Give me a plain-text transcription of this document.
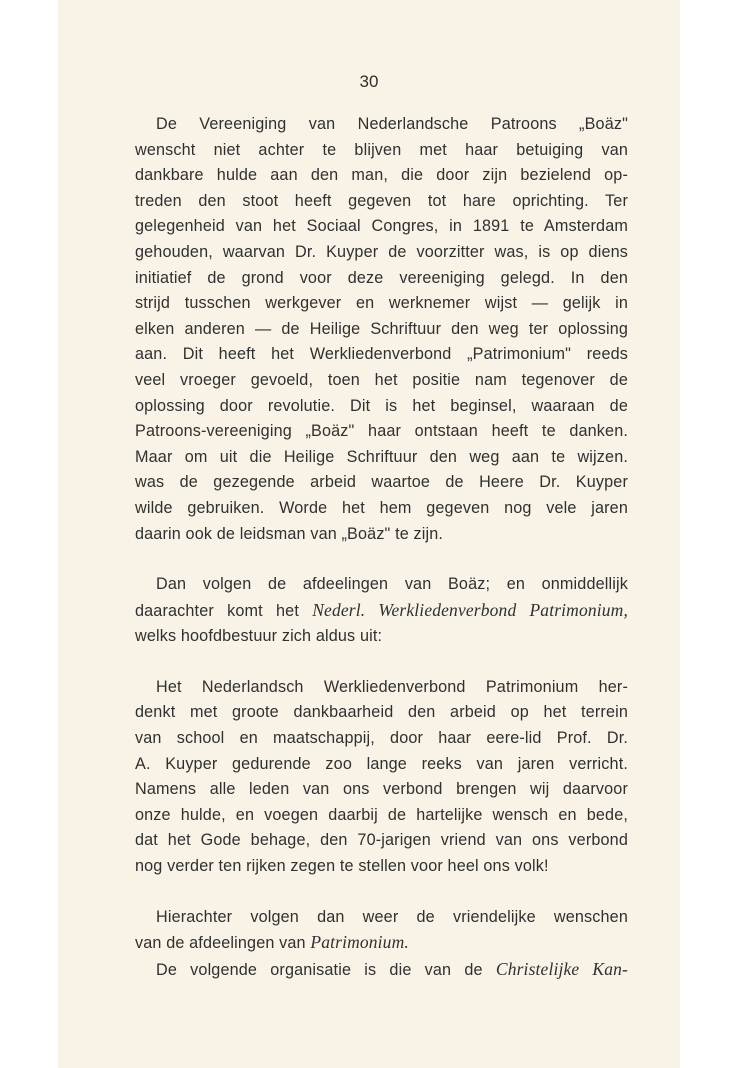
30
De Vereeniging van Nederlandsche Patroons „Boäz"
wenscht niet achter te blijven met haar betuiging van
dankbare hulde aan den man, die door zijn bezielend op-
treden den stoot heeft gegeven tot hare oprichting. Ter
gelegenheid van het Sociaal Congres, in 1891 te Amsterdam
gehouden, waarvan Dr. Kuyper de voorzitter was, is op diens
initiatief de grond voor deze vereeniging gelegd. In den
strijd tusschen werkgever en werknemer wijst — gelijk in
elken anderen — de Heilige Schriftuur den weg ter oplossing
aan. Dit heeft het Werkliedenverbond „Patrimonium" reeds
veel vroeger gevoeld, toen het positie nam tegenover de
oplossing door revolutie. Dit is het beginsel, waaraan de
Patroons-vereeniging „Boäz" haar ontstaan heeft te danken.
Maar om uit die Heilige Schriftuur den weg aan te wijzen.
was de gezegende arbeid waartoe de Heere Dr. Kuyper
wilde gebruiken. Worde het hem gegeven nog vele jaren
daarin ook de leidsman van „Boäz" te zijn.
Dan volgen de afdeelingen van Boäz; en onmiddellijk
daarachter komt het Nederl. Werkliedenverbond Patrimonium,
welks hoofdbestuur zich aldus uit:
Het Nederlandsch Werkliedenverbond Patrimonium her-
denkt met groote dankbaarheid den arbeid op het terrein
van school en maatschappij, door haar eere-lid Prof. Dr.
A. Kuyper gedurende zoo lange reeks van jaren verricht.
Namens alle leden van ons verbond brengen wij daarvoor
onze hulde, en voegen daarbij de hartelijke wensch en bede,
dat het Gode behage, den 70-jarigen vriend van ons verbond
nog verder ten rijken zegen te stellen voor heel ons volk!
Hierachter volgen dan weer de vriendelijke wenschen
van de afdeelingen van Patrimonium.
De volgende organisatie is die van de Christelijke Kan-
